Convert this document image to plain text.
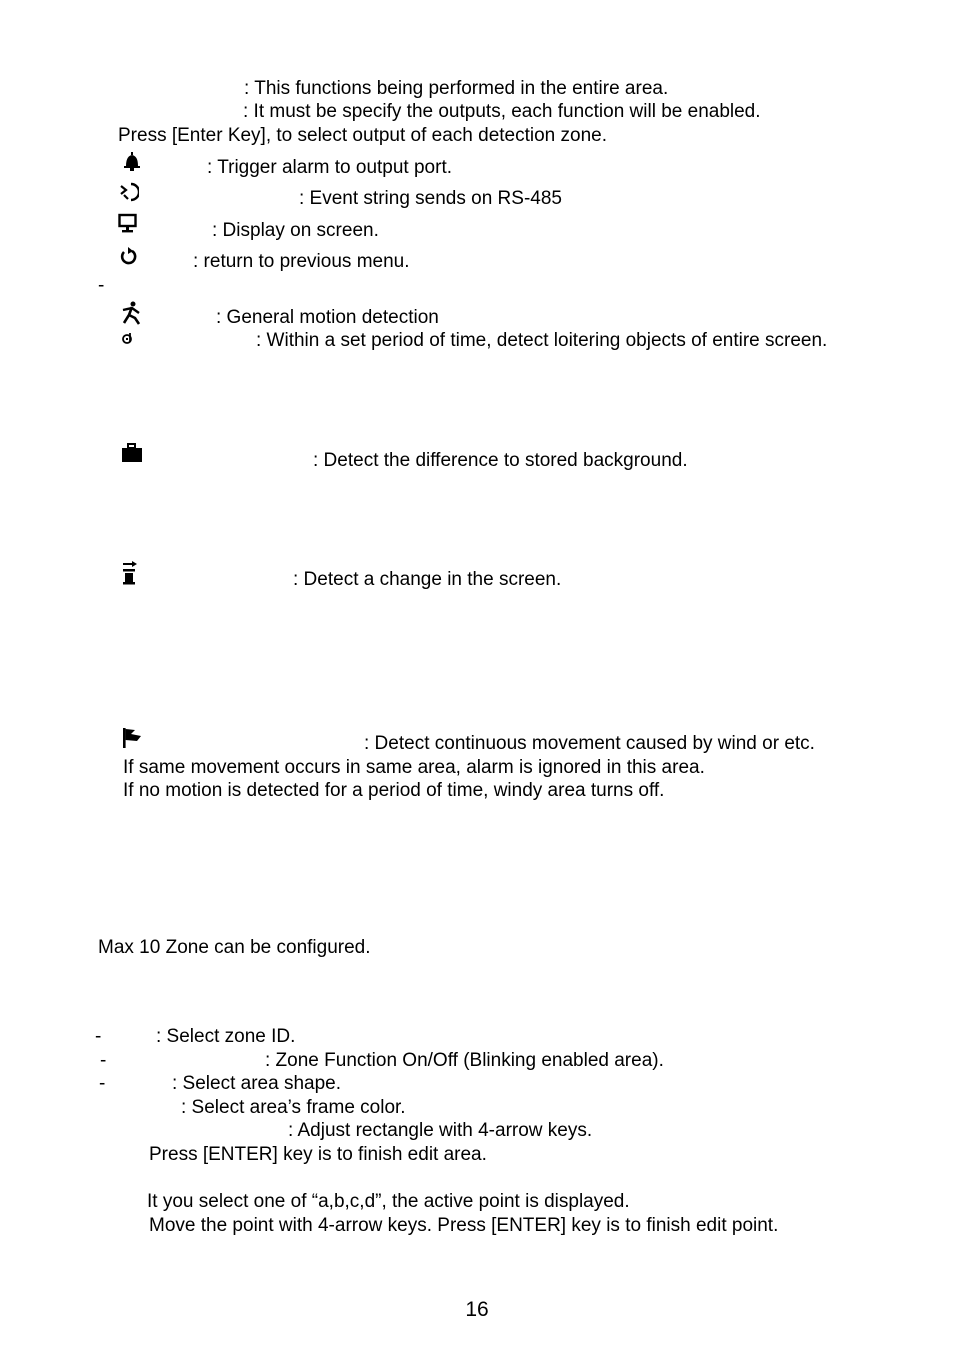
: This functions being performed in the entire area.
: It must be specify the outputs, each function will be enabled.
Press [Enter Key], to select output of each detection zone.
: Trigger alarm to output port.
: Event string sends on RS-485
: Display on screen.
: return to previous menu.
-
: General motion detection
: Within a set period of time, detect loitering objects of entire screen.
: Detect the difference to stored background.
: Detect a change in the screen.
: Detect continuous movement caused by wind or etc.
If same movement occurs in same area, alarm is ignored in this area.
If no motion is detected for a period of time, windy area turns off.
Max 10 Zone can be configured.
-	: Select zone ID.
-	: Zone Function On/Off (Blinking enabled area).
-	: Select area shape.
: Select area’s frame color.
: Adjust rectangle with 4-arrow keys.
Press [ENTER] key is to finish edit area.
It you select one of “a,b,c,d”, the active point is displayed.
Move the point with 4-arrow keys. Press [ENTER] key is to finish edit point.
16
